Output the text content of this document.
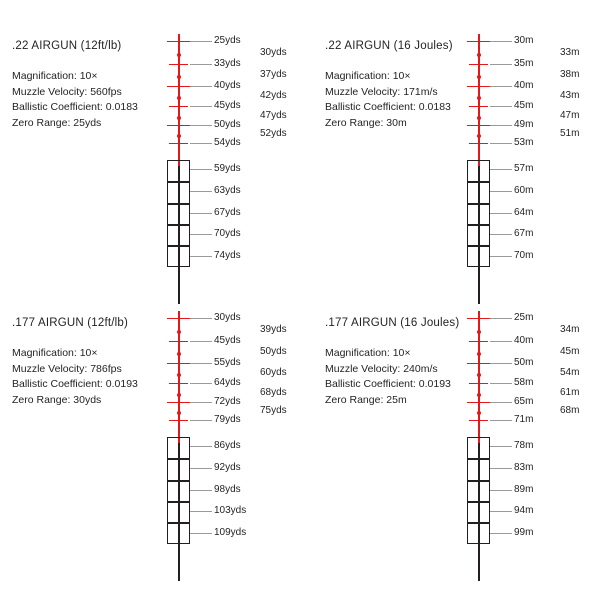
.22 AIRGUN (12ft/lb)
Magnification: 10×
Muzzle Velocity: 560fps
Ballistic Coefficient: 0.0183
Zero Range: 25yds
25yds
33yds
40yds
45yds
50yds
54yds
59yds
63yds
67yds
70yds
74yds
30yds
37yds
42yds
47yds
52yds
.22 AIRGUN (16 Joules)
Magnification: 10×
Muzzle Velocity: 171m/s
Ballistic Coefficient: 0.0183
Zero Range: 30m
30m
35m
40m
45m
49m
53m
57m
60m
64m
67m
70m
33m
38m
43m
47m
51m
.177 AIRGUN (12ft/lb)
Magnification: 10×
Muzzle Velocity: 786fps
Ballistic Coefficient: 0.0193
Zero Range: 30yds
30yds
45yds
55yds
64yds
72yds
79yds
86yds
92yds
98yds
103yds
109yds
39yds
50yds
60yds
68yds
75yds
.177 AIRGUN (16 Joules)
Magnification: 10×
Muzzle Velocity: 240m/s
Ballistic Coefficient: 0.0193
Zero Range: 25m
25m
40m
50m
58m
65m
71m
78m
83m
89m
94m
99m
34m
45m
54m
61m
68m
